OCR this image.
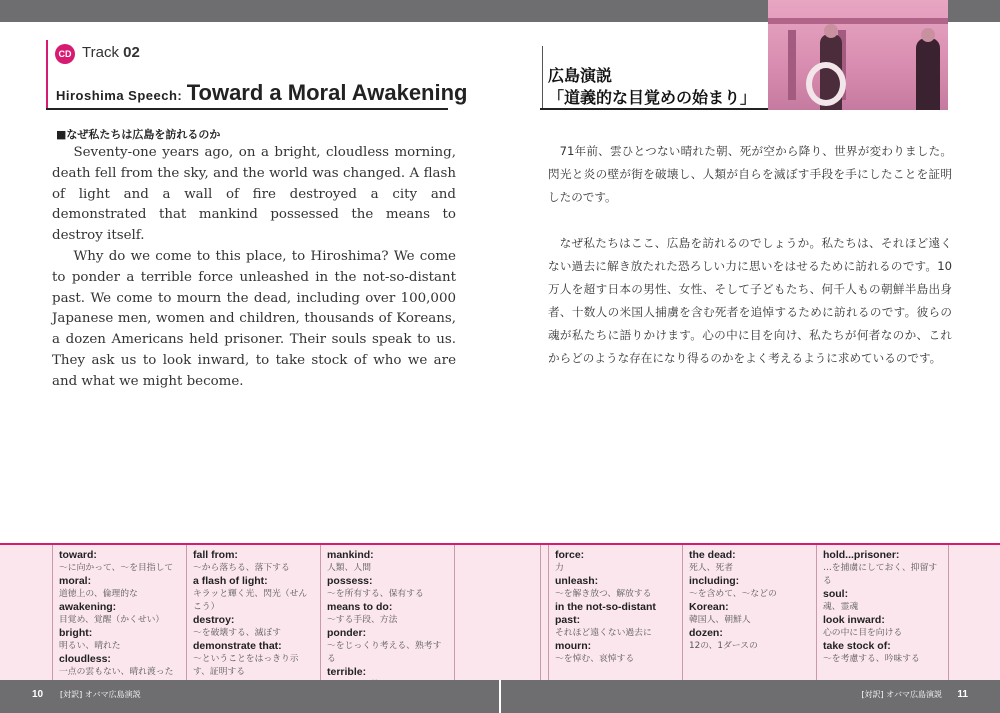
CD Track 02
Hiroshima Speech: Toward a Moral Awakening
広島演説
「道義的な目覚めの始まり」
■なぜ私たちは広島を訪れるのか

Seventy-one years ago, on a bright, cloudless morning, death fell from the sky, and the world was changed. A flash of light and a wall of fire destroyed a city and demonstrated that mankind possessed the means to destroy itself.

Why do we come to this place, to Hiroshima? We come to ponder a terrible force unleashed in the not-so-distant past. We come to mourn the dead, including over 100,000 Japanese men, women and children, thousands of Koreans, a dozen Americans held prisoner. Their souls speak to us. They ask us to look inward, to take stock of who we are and what we might become.

71年前、雲ひとつない晴れた朝、死が空から降り、世界が変わりました。閃光と炎の壁が街を破壊し、人類が自らを滅ぼす手段を手にしたことを証明したのです。

なぜ私たちはここ、広島を訪れるのでしょうか。私たちは、それほど遠くない過去に解き放たれた恐ろしい力に思いをはせるために訪れるのです。10万人を超す日本の男性、女性、そして子どもたち、何千人もの朝鮮半島出身者、十数人の米国人捕虜を含む死者を追悼するために訪れるのです。彼らの魂が私たちに語りかけます。心の中に目を向け、私たちが何者なのか、これからどのような存在になり得るのかをよく考えるように求めているのです。

toward:
〜に向かって、〜を目指して
moral:
道徳上の、倫理的な
awakening:
目覚め、覚醒（かくせい）
bright:
明るい、晴れた
cloudless:
一点の雲もない、晴れ渡った
fall from:
〜から落ちる、落下する
a flash of light:
キラッと輝く光、閃光（せんこう）
destroy:
〜を破壊する、滅ぼす
demonstrate that:
〜ということをはっきり示す、証明する
mankind:
人類、人間
possess:
〜を所有する、保有する
means to do:
〜する手段、方法
ponder:
〜をじっくり考える、熟考する
terrible:
force:
力
unleash:
〜を解き放つ、解放する
in the not-so-distant past:
それほど遠くない過去に
mourn:
〜を悼む、哀悼する
the dead:
死人、死者
including:
〜を含めて、〜などの
Korean:
韓国人、朝鮮人
dozen:
12の、1ダースの
hold...prisoner:
…を捕虜にしておく、抑留する
soul:
魂、霊魂
look inward:
心の中に目を向ける
take stock of:
〜を考慮する、吟味する
10 [対訳] オバマ広島演説	[対訳] オバマ広島演説 11
